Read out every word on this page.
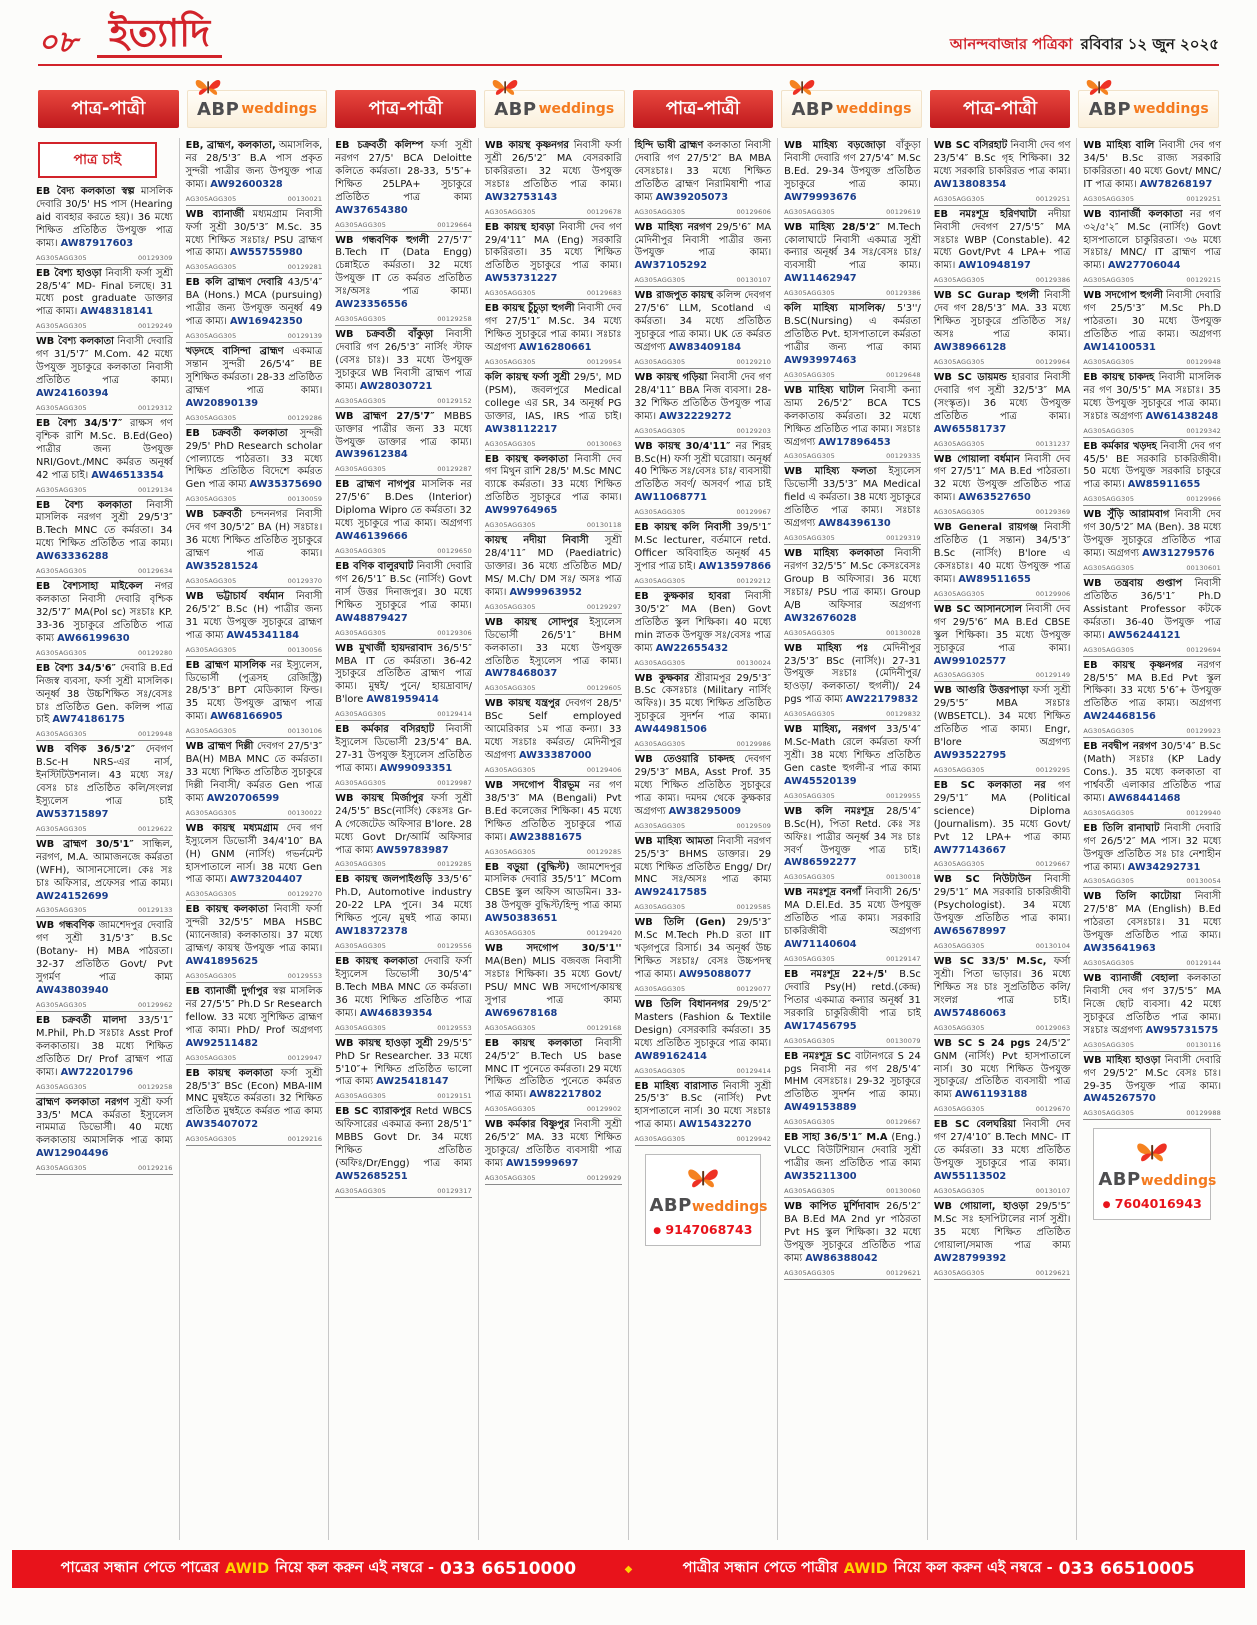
০৮ ইত্যাদি	আনন্দবাজার পত্রিকা রবিবার ১২ জুন ২০২৫
পাত্র-পাত্রী	ABP weddings	পাত্র-পাত্রী	ABP weddings	পাত্র-পাত্রী	ABP weddings	পাত্র-পাত্রী	ABP weddings
পাত্র চাই

EB বৈদ্য কলকাতা স্বল্প মাসলিক দেবারি 30/5' HS পাস (Hearing aid ব্যবহার করতে হয়)। 36 মধ্যে শিক্ষিত প্রতিষ্ঠিত উপযুক্ত পাত্র কাম্য। AW87917603

AG305AGG305	00129309

EB বৈশ্য হাওড়া নিবাসী ফর্সা সুশ্রী 28/5'4″ MD- Final চলছে। 31 মধ্যে post graduate ডাক্তার পাত্র কাম্য। AW48318141

AG305AGG305	00129249

WB বৈশ্য কলকাতা নিবাসী দেবারি গণ 31/5'7″ M.Com. 42 মধ্যে উপযুক্ত সুচাকুরে কলকাতা নিবাসী প্রতিষ্ঠিত পাত্র কাম্য। AW24160394

AG305AGG305	00129312

EB বৈশ্য 34/5'7″ রাক্ষস গণ বৃশ্চিক রাশি M.Sc. B.Ed(Geo) পাত্রীর জন্য উপযুক্ত NRI/Govt./MNC কর্মরত অনূর্ধ্ব 42 পাত্র চাই। AW46513354

AG305AGG305	00129134

EB বৈশ্য কলকাতা নিবাসী মাসলিক নরগণ সুশ্রী 29/5'3″ B.Tech MNC তে কর্মরতা। 34 মধ্যে শিক্ষিত প্রতিষ্ঠিত পাত্র কাম্য। AW63336288

AG305AGG305	00129634

EB বৈশ্যসাহা মাইকেল নগর কলকাতা নিবাসী দেবারি বৃশ্চিক 32/5'7″ MA(Pol sc) সঃচাঃ KP. 33-36 সুচাকুরে প্রতিষ্ঠিত পাত্র কাম্য AW66199630

AG305AGG305	00129280

EB বৈশ্য 34/5'6″ দেবারি B.Ed নিজস্ব ব্যবসা, ফর্সা সুশ্রী মাসলিক। অনূর্ধ্ব 38 উচ্চশিক্ষিত সঃ/বেসঃ চাঃ প্রতিষ্ঠিত Gen. কলিন্স পাত্র চাই AW74186175

AG305AGG305	00129948

WB বণিক 36/5'2″ দেবগণ B.Sc-H NRS-এর নার্স, ইনস্টিটিউশনাল। 43 মধ্যে সঃ/বেসঃ চাঃ প্রতিষ্ঠিত কলি/সংলগ্ন ইস্যুলেস পাত্র চাই AW53715897

AG305AGG305	00129622

WB ব্রাহ্মণ 30/5'1″ সান্ধিল, নরগণ, M.A. আমাজনজে কর্মরতা (WFH), আসানসোলে। কেঃ সঃ চাঃ অফিসার, প্রফেসর পাত্র কাম্য। AW24152699

AG305AGG305	00129133

WB গন্ধবণিক জামশেদপুর দেবারি গণ সুশ্রী 31/5'3″ B.Sc (Botany- H) MBA পাঠরতা। 32-37 প্রতিষ্ঠিত Govt/ Pvt সুগর্মণ পাত্র কাম্য AW43803940

AG305AGG305	00129962

EB চক্রবর্তী মালদা 33/5'1″ M.Phil, Ph.D সঃচাঃ Asst Prof কলকাতায়। 38 মধ্যে শিক্ষিত প্রতিষ্ঠিত Dr/ Prof ব্রাহ্মণ পাত্র কাম্য। AW72201796

AG305AGG305	00129258

ব্রাহ্মণ কলকাতা নরগণ সুশ্রী ফর্সা 33/5' MCA কর্মরতা ইস্যুলেস নামমাত্র ডিভোর্সী। 40 মধ্যে কলকাতায় অমাসলিক পাত্র কাম্য AW12904496

AG305AGG305	00129216

EB, ব্রাহ্মণ, কলকাতা, অমাসলিক, নর 28/5'3″ B.A পাস প্রকৃত সুন্দরী পাত্রীর জন্য উপযুক্ত পাত্র কাম্য। AW92600328

AG305AGG305	00130021

WB ব্যানার্জী মধ্যমগ্রাম নিবাসী ফর্সা সুশ্রী 30/5'3″ M.Sc. 35 মধ্যে শিক্ষিত সঃচাঃ/ PSU ব্রাহ্মণ পাত্র কাম্য। AW55755980

AG305AGG305	00129281

EB কলি ব্রাহ্মণ দেবারি 43/5'4″ BA (Hons.) MCA (pursuing) পাত্রীর জন্য উপযুক্ত অনূর্ধ্ব 49 পাত্র কাম্য। AW16942350

AG305AGG305	00129139

খড়দহে বাসিন্দা ব্রাহ্মণ একমাত্র সন্তান সুন্দরী 26/5'4″ BE সুশিক্ষিত কর্মরতা। 28-33 প্রতিষ্ঠিত ব্রাহ্মণ পাত্র কাম্য। AW20890139

AG305AGG305	00129286

EB চক্রবর্তী কলকাতা সুন্দরী 29/5' PhD Research scholar পোল্যান্ডে পাঠরতা। 33 মধ্যে শিক্ষিত প্রতিষ্ঠিত বিদেশে কর্মরত Gen পাত্র কাম্য AW35375690

AG305AGG305	00130059

WB চক্রবর্তী চন্দননগর নিবাসী দেব গণ 30/5'2″ BA (H) সঃচাঃ। 36 মধ্যে শিক্ষিত প্রতিষ্ঠিত সুচাকুরে ব্রাহ্মণ পাত্র কাম্য। AW35281524

AG305AGG305	00129370

WB ভট্টাচার্য বর্ধমান নিবাসী 26/5'2″ B.Sc (H) পাত্রীর জন্য 31 মধ্যে উপযুক্ত সুচাকুরে ব্রাহ্মণ পাত্র কাম্য AW45341184

AG305AGG305	00130056

EB ব্রাহ্মণ মাসলিক নর ইস্যুলেস, ডিভোর্সী (পুত্রসহ রেজিস্ট্রি) 28/5'3″ BPT মেডিক্যাল ফিল্ড। 35 মধ্যে উপযুক্ত ব্রাহ্মণ পাত্র কাম্য। AW68166905

AG305AGG305	00130106

WB ব্রাহ্মণ দিল্লী দেবগণ 27/5'3″ BA(H) MBA MNC তে কর্মরতা। 33 মধ্যে শিক্ষিত প্রতিষ্ঠিত সুচাকুরে দিল্লী নিবাসী/ কর্মরত Gen পাত্র কাম্য AW20706599

AG305AGG305	00130022

WB কায়স্থ মধ্যমগ্রাম দেব গণ ইস্যুলেস ডিভোর্সী 34/4'10″ BA (H) GNM (নার্সিং) গভর্নমেন্ট হাসপাতালে নার্স। 38 মধ্যে Gen পাত্র কাম্য। AW73204407

AG305AGG305	00129270

EB কায়স্থ কলকাতা নিবাসী ফর্সা সুন্দরী 32/5'5″ MBA HSBC (ম্যানেজার) কলকাতায়। 37 মধ্যে ব্রাহ্মণ/ কায়স্থ উপযুক্ত পাত্র কাম্য। AW41895625

AG305AGG305	00129553

EB ব্যানার্জী দুর্গাপুর স্বল্প মাসলিক নর 27/5'5″ Ph.D Sr Research fellow. 33 মধ্যে সুশিক্ষিত ব্রাহ্মণ পাত্র কাম্য। PhD/ Prof অগ্রগণ্য AW92511482

AG305AGG305	00129947

EB কায়স্থ কলকাতা ফর্সা সুশ্রী 28/5'3″ BSc (Econ) MBA-IIM MNC মুম্বইতে কর্মরতা। 32 শিক্ষিত প্রতিষ্ঠিত মুম্বইতে কর্মরত পাত্র কাম্য AW35407072

AG305AGG305	00129216

EB চক্রবর্তী কলিম্প ফর্সা সুশ্রী নরগণ 27/5' BCA Deloitte কলিতে কর্মরতা। 28-33, 5'5″+ শিক্ষিত 25LPA+ সুচাকুরে প্রতিষ্ঠিত পাত্র কাম্য AW37654380

AG305AGG305	00129664

WB গন্ধবণিক হুগলী 27/5'7″ B.Tech IT (Data Engg) চেন্নাইতে কর্মরতা। 32 মধ্যে উপযুক্ত IT তে কর্মরত প্রতিষ্ঠিত সঃ/অসঃ পাত্র কাম্য। AW23356556

AG305AGG305	00129258

WB চক্রবর্তী বাঁকুড়া নিবাসী দেবারি গণ 26/5'3″ নার্সিং স্টাফ (বেসঃ চাঃ)। 33 মধ্যে উপযুক্ত সুচাকুরে WB নিবাসী ব্রাহ্মণ পাত্র কাম্য। AW28030721

AG305AGG305	00129152

WB ব্রাহ্মণ 27/5'7″ MBBS ডাক্তার পাত্রীর জন্য 33 মধ্যে উপযুক্ত ডাক্তার পাত্র কাম্য। AW39612384

AG305AGG305	00129287

EB ব্রাহ্মণ নাগপুর মাসলিক নর 27/5'6″ B.Des (Interior) Diploma Wipro তে কর্মরতা। 32 মধ্যে সুচাকুরে পাত্র কাম্য। অগ্রগণ্য AW46139666

AG305AGG305	00129650

EB বণিক বালুরঘাট নিবাসী দেবারি গণ 26/5'1″ B.Sc (নার্সিং) Govt নার্স উত্তর দিনাজপুর। 30 মধ্যে শিক্ষিত সুচাকুরে পাত্র কাম্য। AW48879427

AG305AGG305	00129306

WB মুখার্জী হায়দরাবাদ 36/5'5″ MBA IT তে কর্মরতা। 36-42 সুচাকুরে প্রতিষ্ঠিত ব্রাহ্মণ পাত্র কাম্য। মুম্বই/ পুনে/ হায়দ্রাবাদ/ B'lore AW81959414

AG305AGG305	00129414

EB কর্মকার বসিরহাট নিবাসী ইস্যুলেস ডিভোর্সী 23/5'4″ BA. 27-31 উপযুক্ত ইস্যুলেস প্রতিষ্ঠিত পাত্র কাম্য। AW99093351

AG305AGG305	00129987

WB কায়স্থ মির্জাপুর ফর্সা সুশ্রী 24/5'5″ BSc(নার্সিং) কেঃসঃ Gr-A গেজেটেড অফিসার B'lore. 28 মধ্যে Govt Dr/আর্মি অফিসার পাত্র কাম্য AW59783987

AG305AGG305	00129285

EB কায়স্থ জলপাইগুড়ি 33/5'6″ Ph.D, Automotive industry 20-22 LPA পুনে। 34 মধ্যে শিক্ষিত পুনে/ মুম্বই পাত্র কাম্য। AW18372378

AG305AGG305	00129556

EB কায়স্থ কলকাতা দেবারি ফর্সা ইস্যুলেস ডিভোর্সী 30/5'4″ B.Tech MBA MNC তে কর্মরতা। 36 মধ্যে শিক্ষিত প্রতিষ্ঠিত পাত্র কাম্য। AW46839354

AG305AGG305	00129553

WB কায়স্থ হাওড়া সুশ্রী 29/5'5″ PhD Sr Researcher. 33 মধ্যে 5'10″+ শিক্ষিত প্রতিষ্ঠিত ভালো পাত্র কাম্য AW25418147

AG305AGG305	00129151

EB SC ব্যারাকপুর Retd WBCS অফিসারের একমাত্র কন্যা 28/5'1″ MBBS Govt Dr. 34 মধ্যে শিক্ষিত প্রতিষ্ঠিত (অফিঃ/Dr/Engg) পাত্র কাম্য AW52685251

AG305AGG305	00129317

WB কায়স্থ কৃষ্ণনগর নিবাসী ফর্সা সুশ্রী 26/5'2″ MA বেসরকারি চাকরিরতা। 32 মধ্যে উপযুক্ত সঃচাঃ প্রতিষ্ঠিত পাত্র কাম্য। AW32753143

AG305AGG305	00129678

EB কায়স্থ হাবড়া নিবাসী দেব গণ 29/4'11″ MA (Eng) সরকারি চাকরিরতা। 35 মধ্যে শিক্ষিত প্রতিষ্ঠিত সুচাকুরে পাত্র কাম্য। AW53731227

AG305AGG305	00129683

EB কায়স্থ চুঁচুড়া হুগলী নিবাসী দেব গণ 27/5'1″ M.Sc. 34 মধ্যে শিক্ষিত সুচাকুরে পাত্র কাম্য। সঃচাঃ অগ্রগণ্য AW16280661

AG305AGG305	00129954

কলি কায়স্থ ফর্সা সুশ্রী 29/5', MD (PSM), জবলপুরে Medical college এর SR, 34 অনূর্ধ্ব PG ডাক্তার, IAS, IRS পাত্র চাই। AW38112217

AG305AGG305	00130063

EB কায়স্থ কলকাতা নিবাসী দেব গণ মিথুন রাশি 28/5' M.Sc MNC ব্যাঙ্কে কর্মরতা। 33 মধ্যে শিক্ষিত প্রতিষ্ঠিত সুচাকুরে পাত্র কাম্য। AW99764965

AG305AGG305	00130118

কায়স্থ নদীয়া নিবাসী সুশ্রী 28/4'11″ MD (Paediatric) ডাক্তার। 36 মধ্যে প্রতিষ্ঠিত MD/ MS/ M.Ch/ DM সঃ/ অসঃ পাত্র কাম্য। AW99963952

AG305AGG305	00129297

WB কায়স্থ সোদপুর ইস্যুলেস ডিভোর্সী 26/5'1″ BHM কলকাতা। 33 মধ্যে উপযুক্ত প্রতিষ্ঠিত ইস্যুলেস পাত্র কাম্য। AW78468037

AG305AGG305	00129605

WB কায়স্থ যন্ত্রপুর দেবগণ 28/5' BSc Self employed আমেরিকার ১ম পাত্র কন্যা। 33 মধ্যে সঃচাঃ কর্মরত/ মেদিনীপুর অগ্রগণ্য AW33387000

AG305AGG305	00129406

WB সদগোপ বীরভূম নর গণ 38/5'3″ MA (Bengali) Pvt B.Ed কলেজের শিক্ষিকা। 45 মধ্যে শিক্ষিত প্রতিষ্ঠিত সুচাকুরে পাত্র কাম্য। AW23881675

AG305AGG305	00129285

EB বড়ুয়া (বুদ্ধিস্ট) জামশেদপুর মাসলিক দেবারি 35/5'1″ MCom CBSE স্কুল অফিস আডমিন। 33-38 উপযুক্ত বুদ্ধিস্ট/হিন্দু পাত্র কাম্য AW50383651

AG305AGG305	00129420

WB সদগোপ 30/5'1'' MA(Ben) MLIS বজবজ নিবাসী সঃচাঃ শিক্ষিকা। 35 মধ্যে Govt/ PSU/ MNC WB সদগোপ/কায়স্থ সুপার পাত্র কাম্য AW69678168

AG305AGG305	00129168

EB কায়স্থ কলকাতা নিবাসী 24/5'2″ B.Tech US base MNC IT পুনেতে কর্মরতা। 29 মধ্যে শিক্ষিত প্রতিষ্ঠিত পুনেতে কর্মরত পাত্র কাম্য। AW82217802

AG305AGG305	00129902

WB কর্মকার বিষ্ণুপুর নিবাসী সুশ্রী 26/5'2″ MA. 33 মধ্যে শিক্ষিত সুচাকুরে/ প্রতিষ্ঠিত ব্যবসায়ী পাত্র কাম্য AW15999697

AG305AGG305	00129929

হিন্দি ভাষী ব্রাহ্মণ কলকাতা নিবাসী দেবারি গণ 27/5'2″ BA MBA বেসঃচাঃ। 33 মধ্যে শিক্ষিত প্রতিষ্ঠিত ব্রাহ্মণ নিরামিষাশী পাত্র কাম্য AW39205073

AG305AGG305	00129606

WB মাহিষ্য নরগণ 29/5'6″ MA মেদিনীপুর নিবাসী পাত্রীর জন্য উপযুক্ত পাত্র কাম্য। AW37105292

AG305AGG305	00130107

WB রাজপুত কায়স্থ কলিন্স দেবগণ 27/5'6″ LLM, Scotland এ কর্মরতা। 34 মধ্যে প্রতিষ্ঠিত সুচাকুরে পাত্র কাম্য। UK তে কর্মরত অগ্রগণ্য AW83409184

AG305AGG305	00129210

WB কায়স্থ গড়িয়া নিবাসী দেব গণ 28/4'11″ BBA নিজ ব্যবসা। 28-32 শিক্ষিত প্রতিষ্ঠিত উপযুক্ত পাত্র কাম্য। AW32229272

AG305AGG305	00129203

WB কায়স্থ 30/4'11″ নর শিরহ B.Sc(H) ফর্সা সুশ্রী ঘরোয়া। অনূর্ধ্ব 40 শিক্ষিত সঃ/বেসঃ চাঃ/ ব্যবসায়ী প্রতিষ্ঠিত সবর্ণ/ অসবর্ণ পাত্র চাই AW11068771

AG305AGG305	00129967

EB কায়স্থ কলি নিবাসী 39/5'1″ M.Sc lecturer, বর্তমানে retd. Officer অবিবাহিত অনূর্ধ্ব 45 সুপার পাত্র চাই। AW13597866

AG305AGG305	00129212

EB কুক্ষকার হাবরা নিবাসী 30/5'2″ MA (Ben) Govt প্রতিষ্ঠিত স্কুল শিক্ষিকা। 40 মধ্যে min স্নাতক উপযুক্ত সঃ/বেসঃ পাত্র কাম্য AW22655432

AG305AGG305	00130024

WB কুক্ষকার শ্রীরামপুর 29/5'3″ B.Sc কেসঃচাঃ (Military নার্সিং অফিঃ)। 35 মধ্যে শিক্ষিত প্রতিষ্ঠিত সুচাকুরে সুদর্শন পাত্র কাম্য। AW44981506

AG305AGG305	00129986

WB তেওয়ারি চাকদহ দেবগণ 29/5'3″ MBA, Asst Prof. 35 মধ্যে শিক্ষিত প্রতিষ্ঠিত সুচাকুরে পাত্র কাম্য। দমদম থেকে কুক্ষকার অগ্রগণ্য AW38295009

AG305AGG305	00129509

WB মাহিষ্য আমতা নিবাসী নরগণ 25/5'3″ BHMS ডাক্তার। 29 মধ্যে শিক্ষিত প্রতিষ্ঠিত Engg/ Dr/ MNC সঃ/অসঃ পাত্র কাম্য AW92417585

AG305AGG305	00129585

WB তিলি (Gen) 29/5'3″ M.Sc M.Tech Ph.D রতা IIT খড়্গপুরে রিসার্চ। 34 অনূর্ধ্ব উচ্চ শিক্ষিত সঃচাঃ/ বেসঃ উচ্চপদস্থ পাত্র কাম্য। AW95088077

AG305AGG305	00129077

WB তিলি বিধাননগর 29/5'2″ Masters (Fashion & Textile Design) বেসরকারি কর্মরতা। 35 মধ্যে প্রতিষ্ঠিত সুচাকুরে পাত্র কাম্য। AW89162414

AG305AGG305	00129414

EB মাহিষ্য বারাসাত নিবাসী সুশ্রী 25/5'3″ B.Sc (নার্সিং) Pvt হাসপাতালে নার্স। 30 মধ্যে সঃচাঃ পাত্র কাম্য। AW15432270

AG305AGG305	00129942
ABPweddings
● 9147068743

WB মাহিষ্য বড়জোড়া বাঁকুড়া নিবাসী দেবারি গণ 27/5'4″ M.Sc B.Ed. 29-34 উপযুক্ত প্রতিষ্ঠিত সুচাকুরে পাত্র কাম্য। AW79993676

AG305AGG305	00129619

WB মাহিষ্য 28/5'2″ M.Tech কোলাঘাটে নিবাসী একমাত্র সুশ্রী কন্যার অনূর্ধ্ব 34 সঃ/বেসঃ চাঃ/ ব্যবসায়ী পাত্র কাম্য। AW11462947

AG305AGG305	00129386

কলি মাহিষ্য মাসলিক/ 5'3''/ B.SC(Nursing) এ কর্মরতা প্রতিষ্ঠিত Pvt. হাসপাতালে কর্মরতা পাত্রীর জন্য পাত্র কাম্য AW93997463

AG305AGG305	00129648

WB মাহিষ্য ঘাটাল নিবাসী কন্যা ভ্রাম্য 26/5'2″ BCA TCS কলকাতায় কর্মরতা। 32 মধ্যে শিক্ষিত প্রতিষ্ঠিত পাত্র কাম্য। সঃচাঃ অগ্রগণ্য AW17896453

AG305AGG305	00129335

WB মাহিষ্য ফলতা ইস্যুলেস ডিভোর্সী 33/5'3″ MA Medical field এ কর্মরতা। 38 মধ্যে সুচাকুরে প্রতিষ্ঠিত পাত্র কাম্য। সঃচাঃ অগ্রগণ্য AW84396130

AG305AGG305	00129319

WB মাহিষ্য কলকাতা নিবাসী নরগণ 32/5'5″ M.Sc কেসঃবেসঃ Group B অফিসার। 36 মধ্যে সঃচাঃ/ PSU পাত্র কাম্য। Group A/B অফিসার অগ্রগণ্য AW32676028

AG305AGG305	00130028

WB মাহিষ্য পঃ মেদিনীপুর 23/5'3″ BSc (নার্সিং)। 27-31 উপযুক্ত সঃচাঃ (মেদিনীপুর/ হাওড়া/ কলকাতা/ হুগলী)/ 24 pgs পাত্র কাম্য AW22179832

AG305AGG305	00129832

WB মাহিষ্য, নরগণ 33/5'4″ M.Sc-Math রেলে কর্মরতা ফর্সা সুশ্রী। 38 মধ্যে শিক্ষিত প্রতিষ্ঠিত Gen caste হুগলী-র পাত্র কাম্য AW45520139

AG305AGG305	00129955

WB কলি নমঃশূদ্র 28/5'4″ B.Sc(H), পিতা Retd. কেঃ সঃ অফিঃ। পাত্রীর অনূর্ধ্ব 34 সঃ চাঃ সবর্ণ উপযুক্ত পাত্র চাই। AW86592277

AG305AGG305	00130018

WB নমঃশূদ্র বনগাঁ নিবাসী 26/5' MA D.El.Ed. 35 মধ্যে উপযুক্ত প্রতিষ্ঠিত পাত্র কাম্য। সরকারি চাকরিজীবী অগ্রগণ্য AW71140604

AG305AGG305	00129147

EB নমঃশূদ্র 22+/5' B.Sc দেবারি Psy(H) retd.(কেন্দ্র) পিতার একমাত্র কন্যার অনূর্ধ্ব 31 সরকারি চাকুরিজীবী পাত্র চাই AW17456795

AG305AGG305	00130079

EB নমঃশূদ্র SC বাটানগরে S 24 pgs নিবাসী নর গণ 28/5'4″ MHM বেসঃচাঃ। 29-32 সুচাকুরে প্রতিষ্ঠিত সুদর্শন পাত্র কাম্য। AW49153889

AG305AGG305	00129667

EB সাহা 36/5'1″ M.A (Eng.) VLCC বিউটিশিয়ান দেবারি সুশ্রী পাত্রীর জন্য প্রতিষ্ঠিত পাত্র কাম্য AW35211300

AG305AGG305	00130060

WB কাপিত মুর্শিদাবাদ 26/5'2″ BA B.Ed MA 2nd yr পাঠরতা Pvt HS স্কুল শিক্ষিকা। 32 মধ্যে উপযুক্ত সুচাকুরে প্রতিষ্ঠিত পাত্র কাম্য AW86388042

AG305AGG305	00129621

WB SC বসিরহাট নিবাসী দেব গণ 23/5'4″ B.Sc গৃহ শিক্ষিকা। 32 মধ্যে সরকারি চাকরিরত পাত্র কাম্য। AW13808354

AG305AGG305	00129251

EB নমঃশূদ্র হরিণঘাটা নদীয়া নিবাসী দেবগণ 27/5'5″ MA সঃচাঃ WBP (Constable). 42 মধ্যে Govt/Pvt 4 LPA+ পাত্র কাম্য। AW10948197

AG305AGG305	00129386

WB SC Gurap হুগলী নিবাসী দেব গণ 28/5'3″ MA. 33 মধ্যে শিক্ষিত সুচাকুরে প্রতিষ্ঠিত সঃ/ অসঃ পাত্র কাম্য। AW38966128

AG305AGG305	00129964

WB SC ডায়মন্ড হারবার নিবাসী দেবারি গণ সুশ্রী 32/5'3″ MA (সংস্কৃত)। 36 মধ্যে উপযুক্ত প্রতিষ্ঠিত পাত্র কাম্য। AW65581737

AG305AGG305	00131237

WB গোয়ালা বর্ধমান নিবাসী দেব গণ 27/5'1″ MA B.Ed পাঠরতা। 32 মধ্যে উপযুক্ত প্রতিষ্ঠিত পাত্র কাম্য। AW63527650

AG305AGG305	00129369

WB General রায়গঞ্জ নিবাসী প্রতিষ্ঠিত (1 সন্তান) 34/5'3″ B.Sc (নার্সিং) B'lore এ কেসঃচাঃ। 40 মধ্যে উপযুক্ত পাত্র কাম্য। AW89511655

AG305AGG305	00129906

WB SC আসানসোল নিবাসী দেব গণ 29/5'6″ MA B.Ed CBSE স্কুল শিক্ষিকা। 35 মধ্যে উপযুক্ত সুচাকুরে পাত্র কাম্য। AW99102577

AG305AGG305	00129149

WB আগুরি উত্তরপাড়া ফর্সা সুশ্রী 29/5'5″ MBA সঃচাঃ (WBSETCL). 34 মধ্যে শিক্ষিত প্রতিষ্ঠিত পাত্র কাম্য। Engr, B'lore অগ্রগণ্য AW93522795

AG305AGG305	00129295

EB SC কলকাতা নর গণ 29/5'1″ MA (Political science) Diploma (Journalism). 35 মধ্যে Govt/ Pvt 12 LPA+ পাত্র কাম্য AW77143667

AG305AGG305	00129667

WB SC নিউটাউন নিবাসী 29/5'1″ MA সরকারি চাকরিজীবী (Psychologist). 34 মধ্যে উপযুক্ত প্রতিষ্ঠিত পাত্র কাম্য। AW65678997

AG305AGG305	00130104

WB SC 33/5' M.Sc, ফর্সা সুশ্রী। পিতা ভাড়ার। 36 মধ্যে শিক্ষিত সঃ চাঃ সুপ্রতিষ্ঠিত কলি/সংলগ্ন পাত্র চাই। AW57486063

AG305AGG305	00129063

WB SC S 24 pgs 24/5'2″ GNM (নার্সিং) Pvt হাসপাতালে নার্স। 30 মধ্যে শিক্ষিত উপযুক্ত সুচাকুরে/ প্রতিষ্ঠিত ব্যবসায়ী পাত্র কাম্য AW61193188

AG305AGG305	00129670

EB SC বেলঘরিয়া নিবাসী দেব গণ 27/4'10″ B.Tech MNC- IT তে কর্মরতা। 33 মধ্যে প্রতিষ্ঠিত উপযুক্ত সুচাকুরে পাত্র কাম্য। AW55113502

AG305AGG305	00130107

WB গোয়ালা, হাওড়া 29/5'5″ M.Sc সঃ হসপিটালের নার্স সুশ্রী। 35 মধ্যে শিক্ষিত প্রতিষ্ঠিত গোয়ালা/সমাজ পাত্র কাম্য AW28799392

AG305AGG305	00129621

WB মাহিষ্য বালি নিবাসী দেব গণ 34/5' B.Sc রাজ্য সরকারি চাকরিরতা। 40 মধ্যে Govt/ MNC/ IT পাত্র কাম্য। AW78268197

AG305AGG305	00129251

WB ব্যানার্জী কলকাতা নর গণ ৩২/৫'২″ M.Sc (নার্সিং) Govt হাসপাতালে চাকুরিরতা। ৩৬ মধ্যে সঃচাঃ/ MNC/ IT ব্রাহ্মণ পাত্র কাম্য। AW27706044

AG305AGG305	00129215

WB সদগোপ হুগলী নিবাসী দেবারি গণ 25/5'3″ M.Sc Ph.D পাঠরতা। 30 মধ্যে উপযুক্ত প্রতিষ্ঠিত পাত্র কাম্য। অগ্রগণ্য AW14100531

AG305AGG305	00129948

EB কায়স্থ চাকদহ নিবাসী মাসলিক নর গণ 30/5'5″ MA সঃচাঃ। 35 মধ্যে উপযুক্ত সুচাকুরে পাত্র কাম্য। সঃচাঃ অগ্রগণ্য AW61438248

AG305AGG305	00129342

EB কর্মকার খড়দহ নিবাসী দেব গণ 45/5' BE সরকারি চাকরিজীবী। 50 মধ্যে উপযুক্ত সরকারি চাকুরে পাত্র কাম্য। AW85911655

AG305AGG305	00129966

WB সুঁড়ি আরামবাগ নিবাসী দেব গণ 30/5'2″ MA (Ben). 38 মধ্যে উপযুক্ত সুচাকুরে প্রতিষ্ঠিত পাত্র কাম্য। অগ্রগণ্য AW31279576

AG305AGG305	00130601

WB তন্ত্রবায় গুপ্তাপ নিবাসী প্রতিষ্ঠিত 36/5'1″ Ph.D Assistant Professor কটকে কর্মরতা। 36-40 উপযুক্ত পাত্র কাম্য। AW56244121

AG305AGG305	00129694

EB কায়স্থ কৃষ্ণনগর নরগণ 28/5'5″ MA B.Ed Pvt স্কুল শিক্ষিকা। 33 মধ্যে 5'6″+ উপযুক্ত প্রতিষ্ঠিত পাত্র কাম্য। অগ্রগণ্য AW24468156

AG305AGG305	00129923

EB নবদ্বীপ নরগণ 30/5'4″ B.Sc (Math) সঃচাঃ (KP Lady Cons.). 35 মধ্যে কলকাতা বা পার্শ্ববর্তী এলাকার প্রতিষ্ঠিত পাত্র কাম্য। AW68441468

AG305AGG305	00129940

EB তিলি রানাঘাট নিবাসী দেবারি গণ 26/5'2″ MA পাস। 32 মধ্যে উপযুক্ত প্রতিষ্ঠিত সঃ চাঃ নেশাহীন পাত্র কাম্য। AW34292731

AG305AGG305	00130054

WB তিলি কাটোয়া নিবাসী 27/5'8″ MA (English) B.Ed পাঠরতা বেসঃচাঃ। 31 মধ্যে উপযুক্ত প্রতিষ্ঠিত পাত্র কাম্য। AW35641963

AG305AGG305	00129144

WB ব্যানার্জী বেহালা কলকাতা নিবাসী দেব গণ 37/5'5″ MA নিজে ছোট ব্যবসা। 42 মধ্যে সুচাকুরে প্রতিষ্ঠিত পাত্র কাম্য। সঃচাঃ অগ্রগণ্য AW95731575

AG305AGG305	00130116

WB মাহিষ্য হাওড়া নিবাসী দেবারি গণ 29/5'2″ M.Sc বেসঃ চাঃ। 29-35 উপযুক্ত পাত্র কাম্য। AW45267570

AG305AGG305	00129988
ABPweddings
● 7604016943
পাত্রের সন্ধান পেতে পাত্রের AWID নিয়ে কল করুন এই নম্বরে - 033 66510000	◆	পাত্রীর সন্ধান পেতে পাত্রীর AWID নিয়ে কল করুন এই নম্বরে - 033 66510005
